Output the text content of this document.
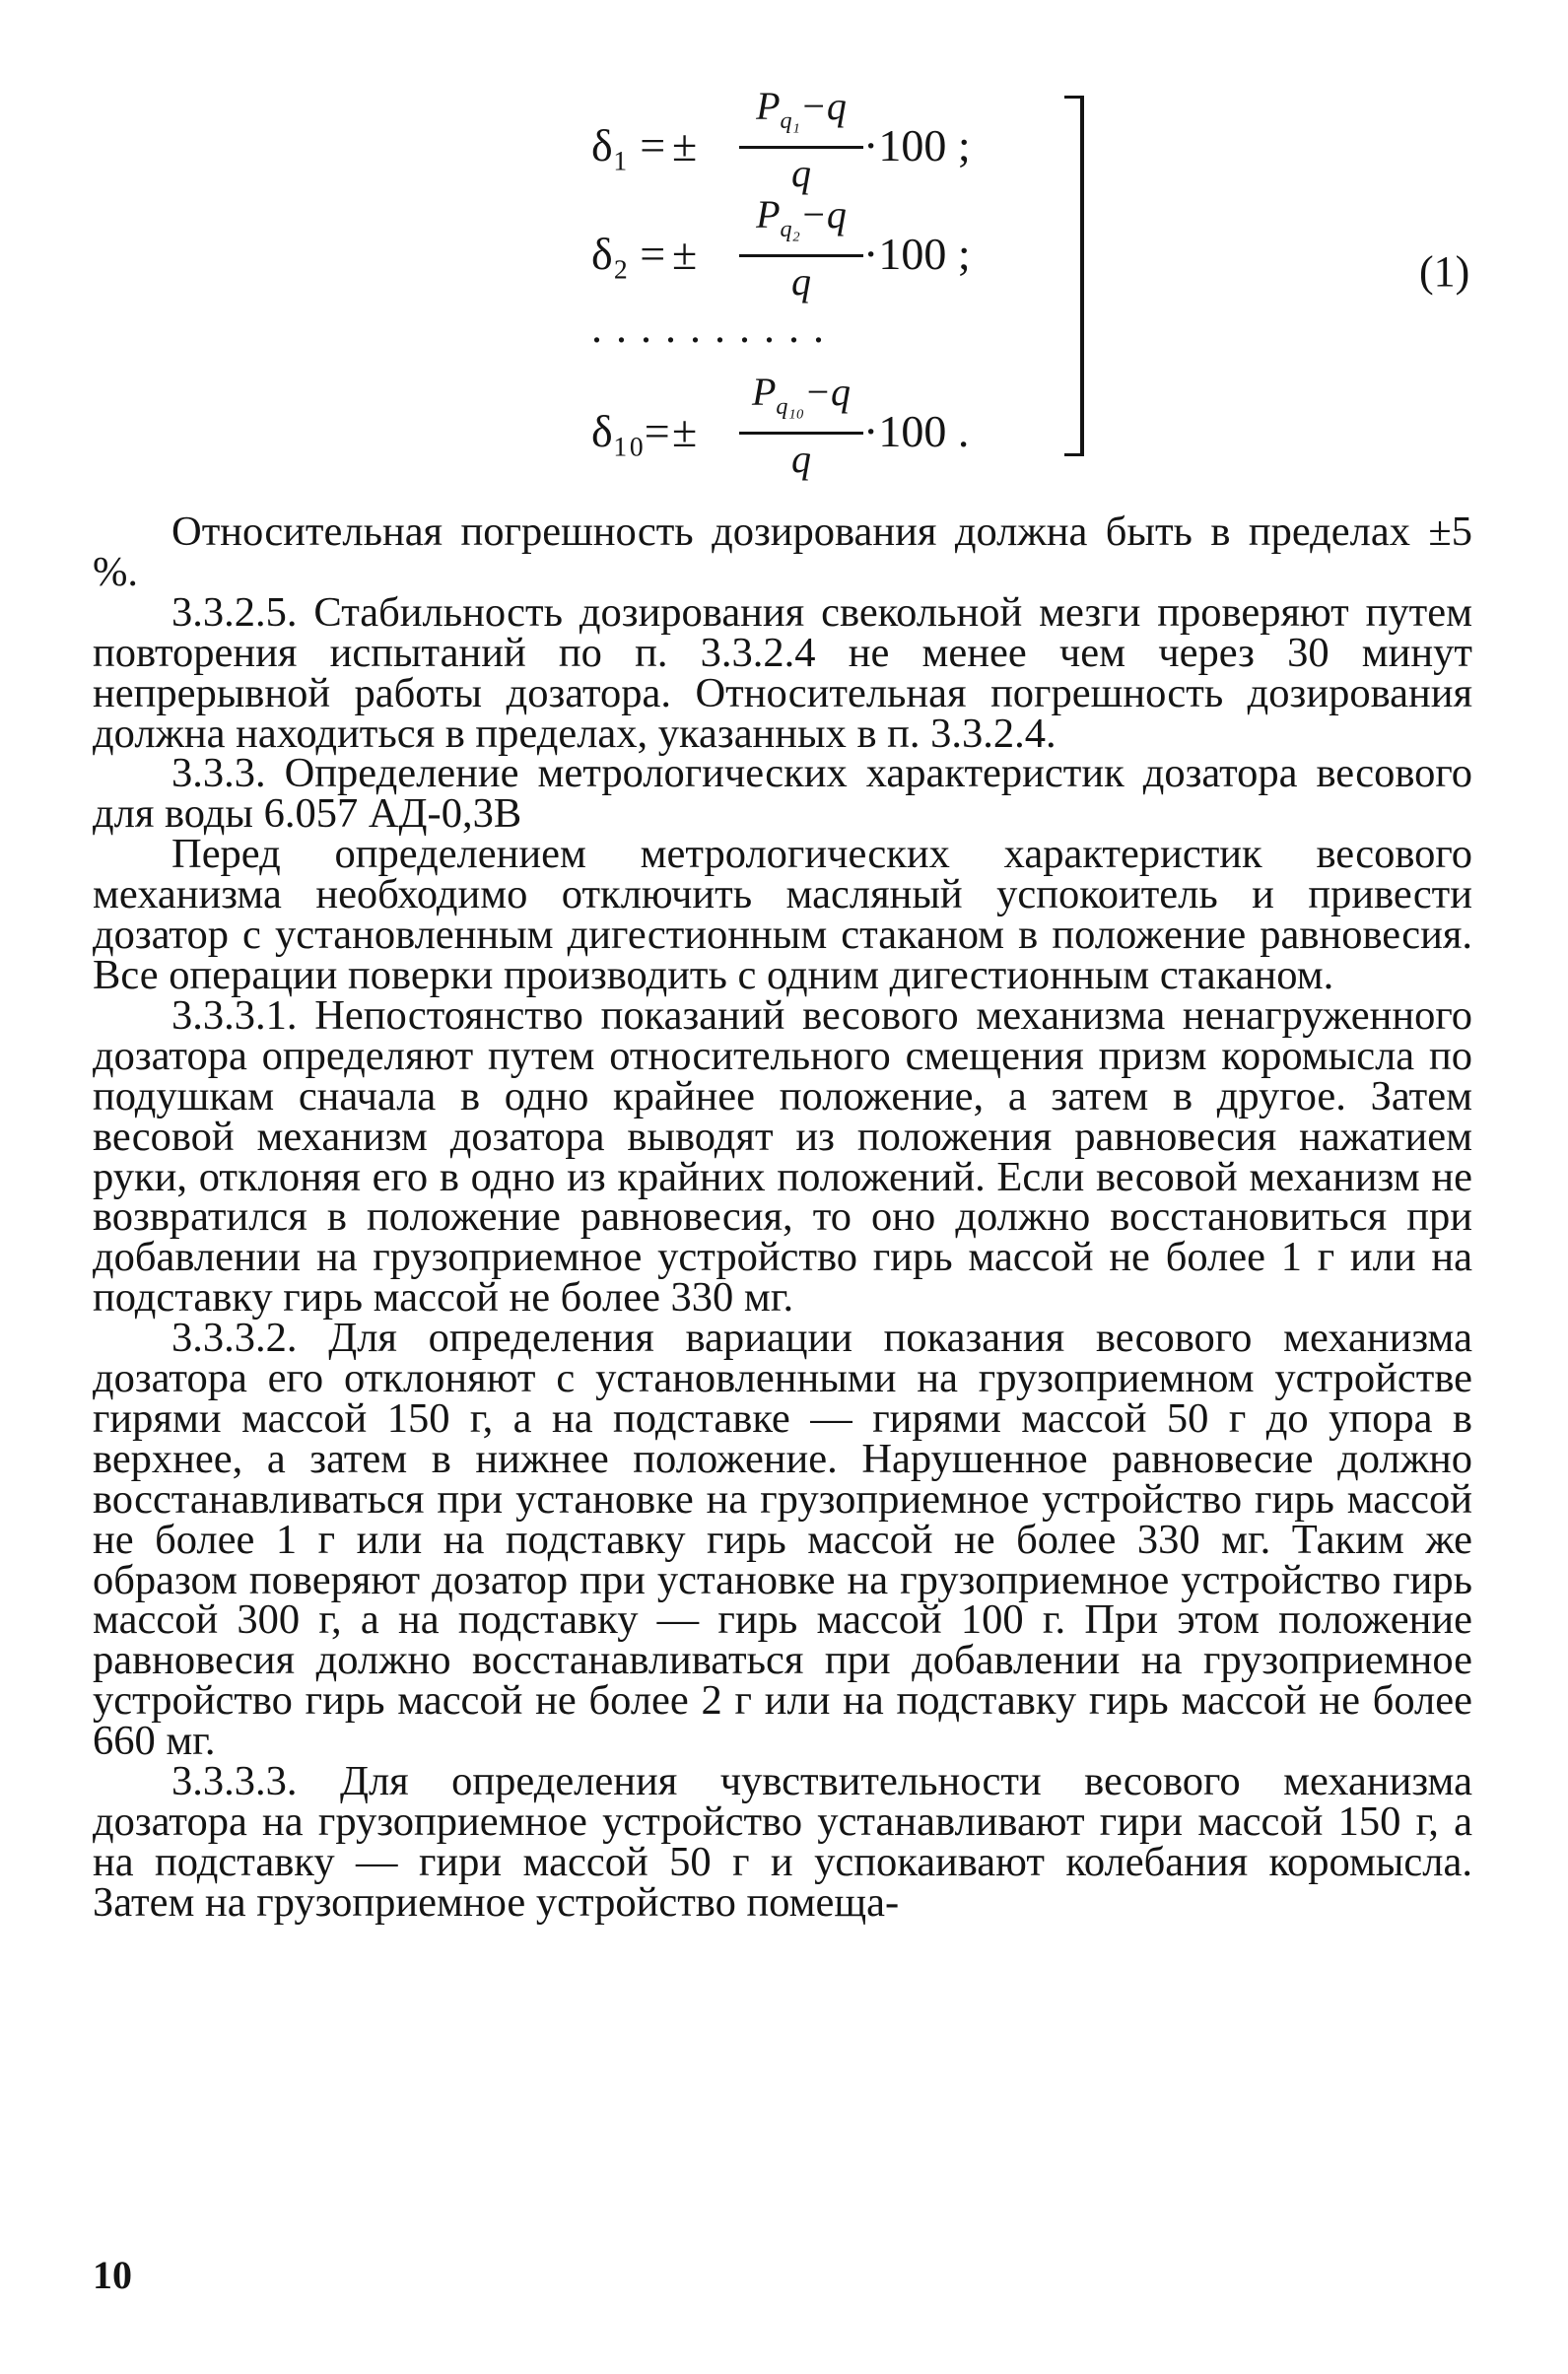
δ₁ = ±
$P_{q_1}-q$
q
·100 ;
δ₂ = ±
$P_{q_2}-q$
q
·100 ;
..........
δ₁₀= ±
$P_{q_{10}}-q$
q
·100 .
(1)

Относительная погрешность дозирования должна быть в пределах ±5 %.

3.3.2.5. Стабильность дозирования свекольной мезги проверяют путем повторения испытаний по п. 3.3.2.4 не менее чем через 30 минут непрерывной работы дозатора. Относительная погрешность дозирования должна находиться в пределах, указанных в п. 3.3.2.4.

3.3.3. Определение метрологических характеристик дозатора весового для воды 6.057 АД-0,3В

Перед определением метрологических характеристик весового механизма необходимо отключить масляный успокоитель и привести дозатор с установленным дигестионным стаканом в положение равновесия. Все операции поверки производить с одним дигестионным стаканом.

3.3.3.1. Непостоянство показаний весового механизма ненагруженного дозатора определяют путем относительного смещения призм коромысла по подушкам сначала в одно крайнее положение, а затем в другое. Затем весовой механизм дозатора выводят из положения равновесия нажатием руки, отклоняя его в одно из крайних положений. Если весовой механизм не возвратился в положение равновесия, то оно должно восстановиться при добавлении на грузоприемное устройство гирь массой не более 1 г или на подставку гирь массой не более 330 мг.

3.3.3.2. Для определения вариации показания весового механизма дозатора его отклоняют с установленными на грузоприемном устройстве гирями массой 150 г, а на подставке — гирями массой 50 г до упора в верхнее, а затем в нижнее положение. Нарушенное равновесие должно восстанавливаться при установке на грузоприемное устройство гирь массой не более 1 г или на подставку гирь массой не более 330 мг. Таким же образом поверяют дозатор при установке на грузоприемное устройство гирь массой 300 г, а на подставку — гирь массой 100 г. При этом положение равновесия должно восстанавливаться при добавлении на грузоприемное устройство гирь массой не более 2 г или на подставку гирь массой не более 660 мг.

3.3.3.3. Для определения чувствительности весового механизма дозатора на грузоприемное устройство устанавливают гири массой 150 г, а на подставку — гири массой 50 г и успокаивают колебания коромысла. Затем на грузоприемное устройство помеща-

10
